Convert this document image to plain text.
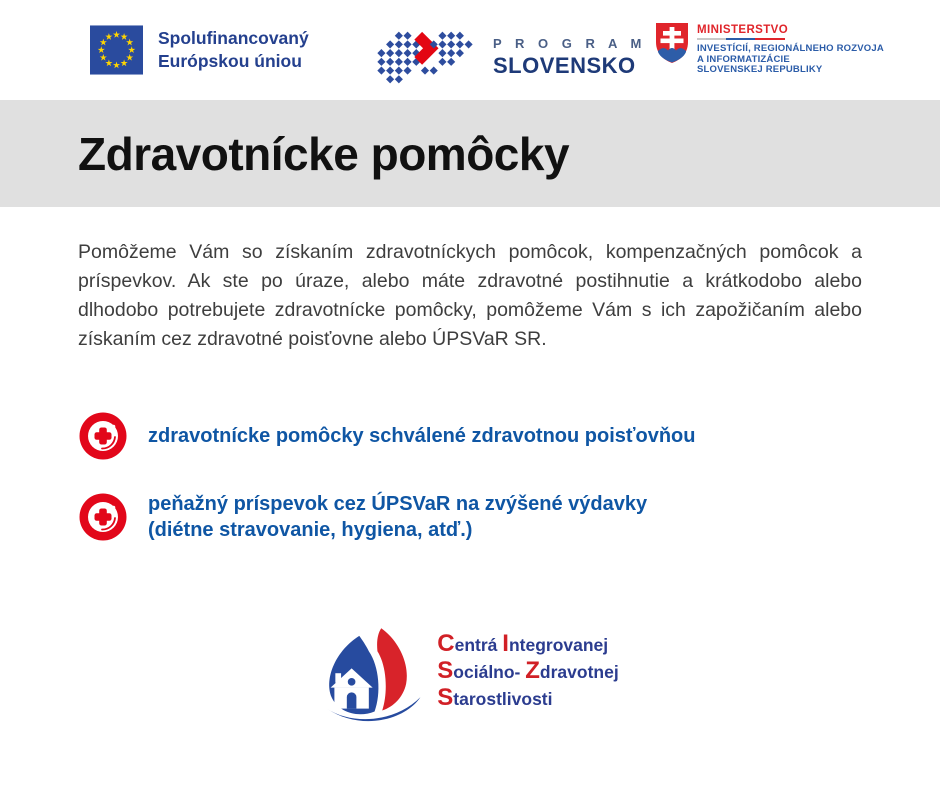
Spolufinancovaný
Európskou úniou
P R O G R A M
SLOVENSKO
MINISTERSTVO
INVESTÍCIÍ, REGIONÁLNEHO ROZVOJA
A INFORMATIZÁCIE
SLOVENSKEJ REPUBLIKY
Zdravotnícke pomôcky

Pomôžeme Vám so získaním zdravotníckych pomôcok, kompenzačných pomôcok a príspevkov. Ak ste po úraze, alebo máte zdravotné postihnutie a krátkodobo alebo dlhodobo potrebujete zdravotnícke pomôcky, pomôžeme Vám s ich zapožičaním alebo získaním cez zdravotné poisťovne alebo ÚPSVaR SR.

zdravotnícke pomôcky schválené zdravotnou poisťovňou
peňažný príspevok cez ÚPSVaR na zvýšené výdavky
(diétne stravovanie, hygiena, atď.)
Centrá Integrovanej
Sociálno- Zdravotnej
Starostlivosti
